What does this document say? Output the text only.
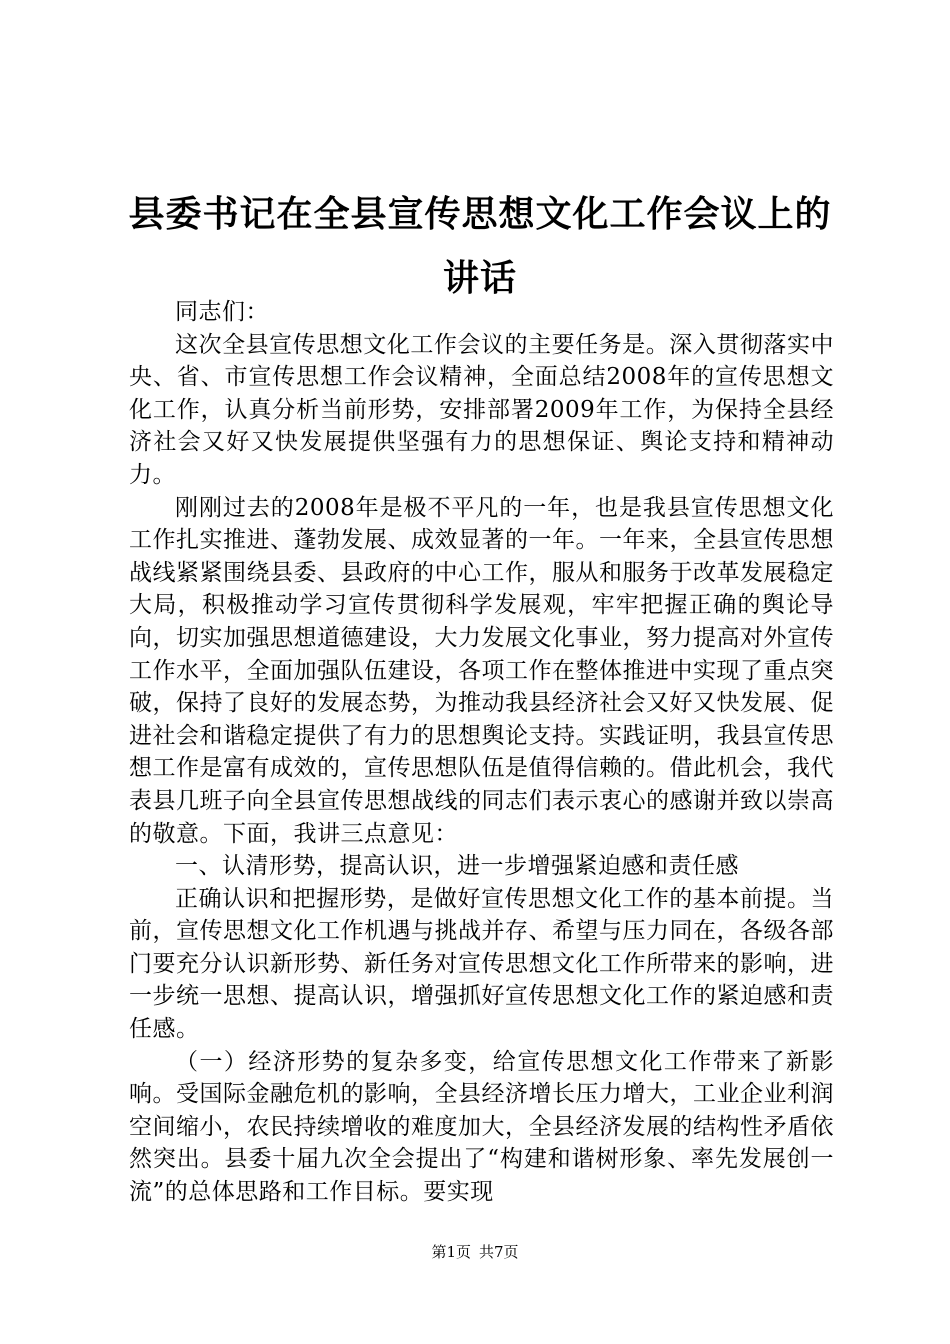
县委书记在全县宣传思想文化工作会议上的讲话

同志们：

这次全县宣传思想文化工作会议的主要任务是。深入贯彻落实中央、省、市宣传思想工作会议精神，全面总结2008年的宣传思想文化工作，认真分析当前形势，安排部署2009年工作，为保持全县经济社会又好又快发展提供坚强有力的思想保证、舆论支持和精神动力。

刚刚过去的2008年是极不平凡的一年，也是我县宣传思想文化工作扎实推进、蓬勃发展、成效显著的一年。一年来，全县宣传思想战线紧紧围绕县委、县政府的中心工作，服从和服务于改革发展稳定大局，积极推动学习宣传贯彻科学发展观，牢牢把握正确的舆论导向，切实加强思想道德建设，大力发展文化事业，努力提高对外宣传工作水平，全面加强队伍建设，各项工作在整体推进中实现了重点突破，保持了良好的发展态势，为推动我县经济社会又好又快发展、促进社会和谐稳定提供了有力的思想舆论支持。实践证明，我县宣传思想工作是富有成效的，宣传思想队伍是值得信赖的。借此机会，我代表县几班子向全县宣传思想战线的同志们表示衷心的感谢并致以崇高的敬意。下面，我讲三点意见：

一、认清形势，提高认识，进一步增强紧迫感和责任感

正确认识和把握形势，是做好宣传思想文化工作的基本前提。当前，宣传思想文化工作机遇与挑战并存、希望与压力同在，各级各部门要充分认识新形势、新任务对宣传思想文化工作所带来的影响，进一步统一思想、提高认识，增强抓好宣传思想文化工作的紧迫感和责任感。

（一）经济形势的复杂多变，给宣传思想文化工作带来了新影响。受国际金融危机的影响，全县经济增长压力增大，工业企业利润空间缩小，农民持续增收的难度加大，全县经济发展的结构性矛盾依然突出。县委十届九次全会提出了“构建和谐树形象、率先发展创一流”的总体思路和工作目标。要实现

第1页 共7页
